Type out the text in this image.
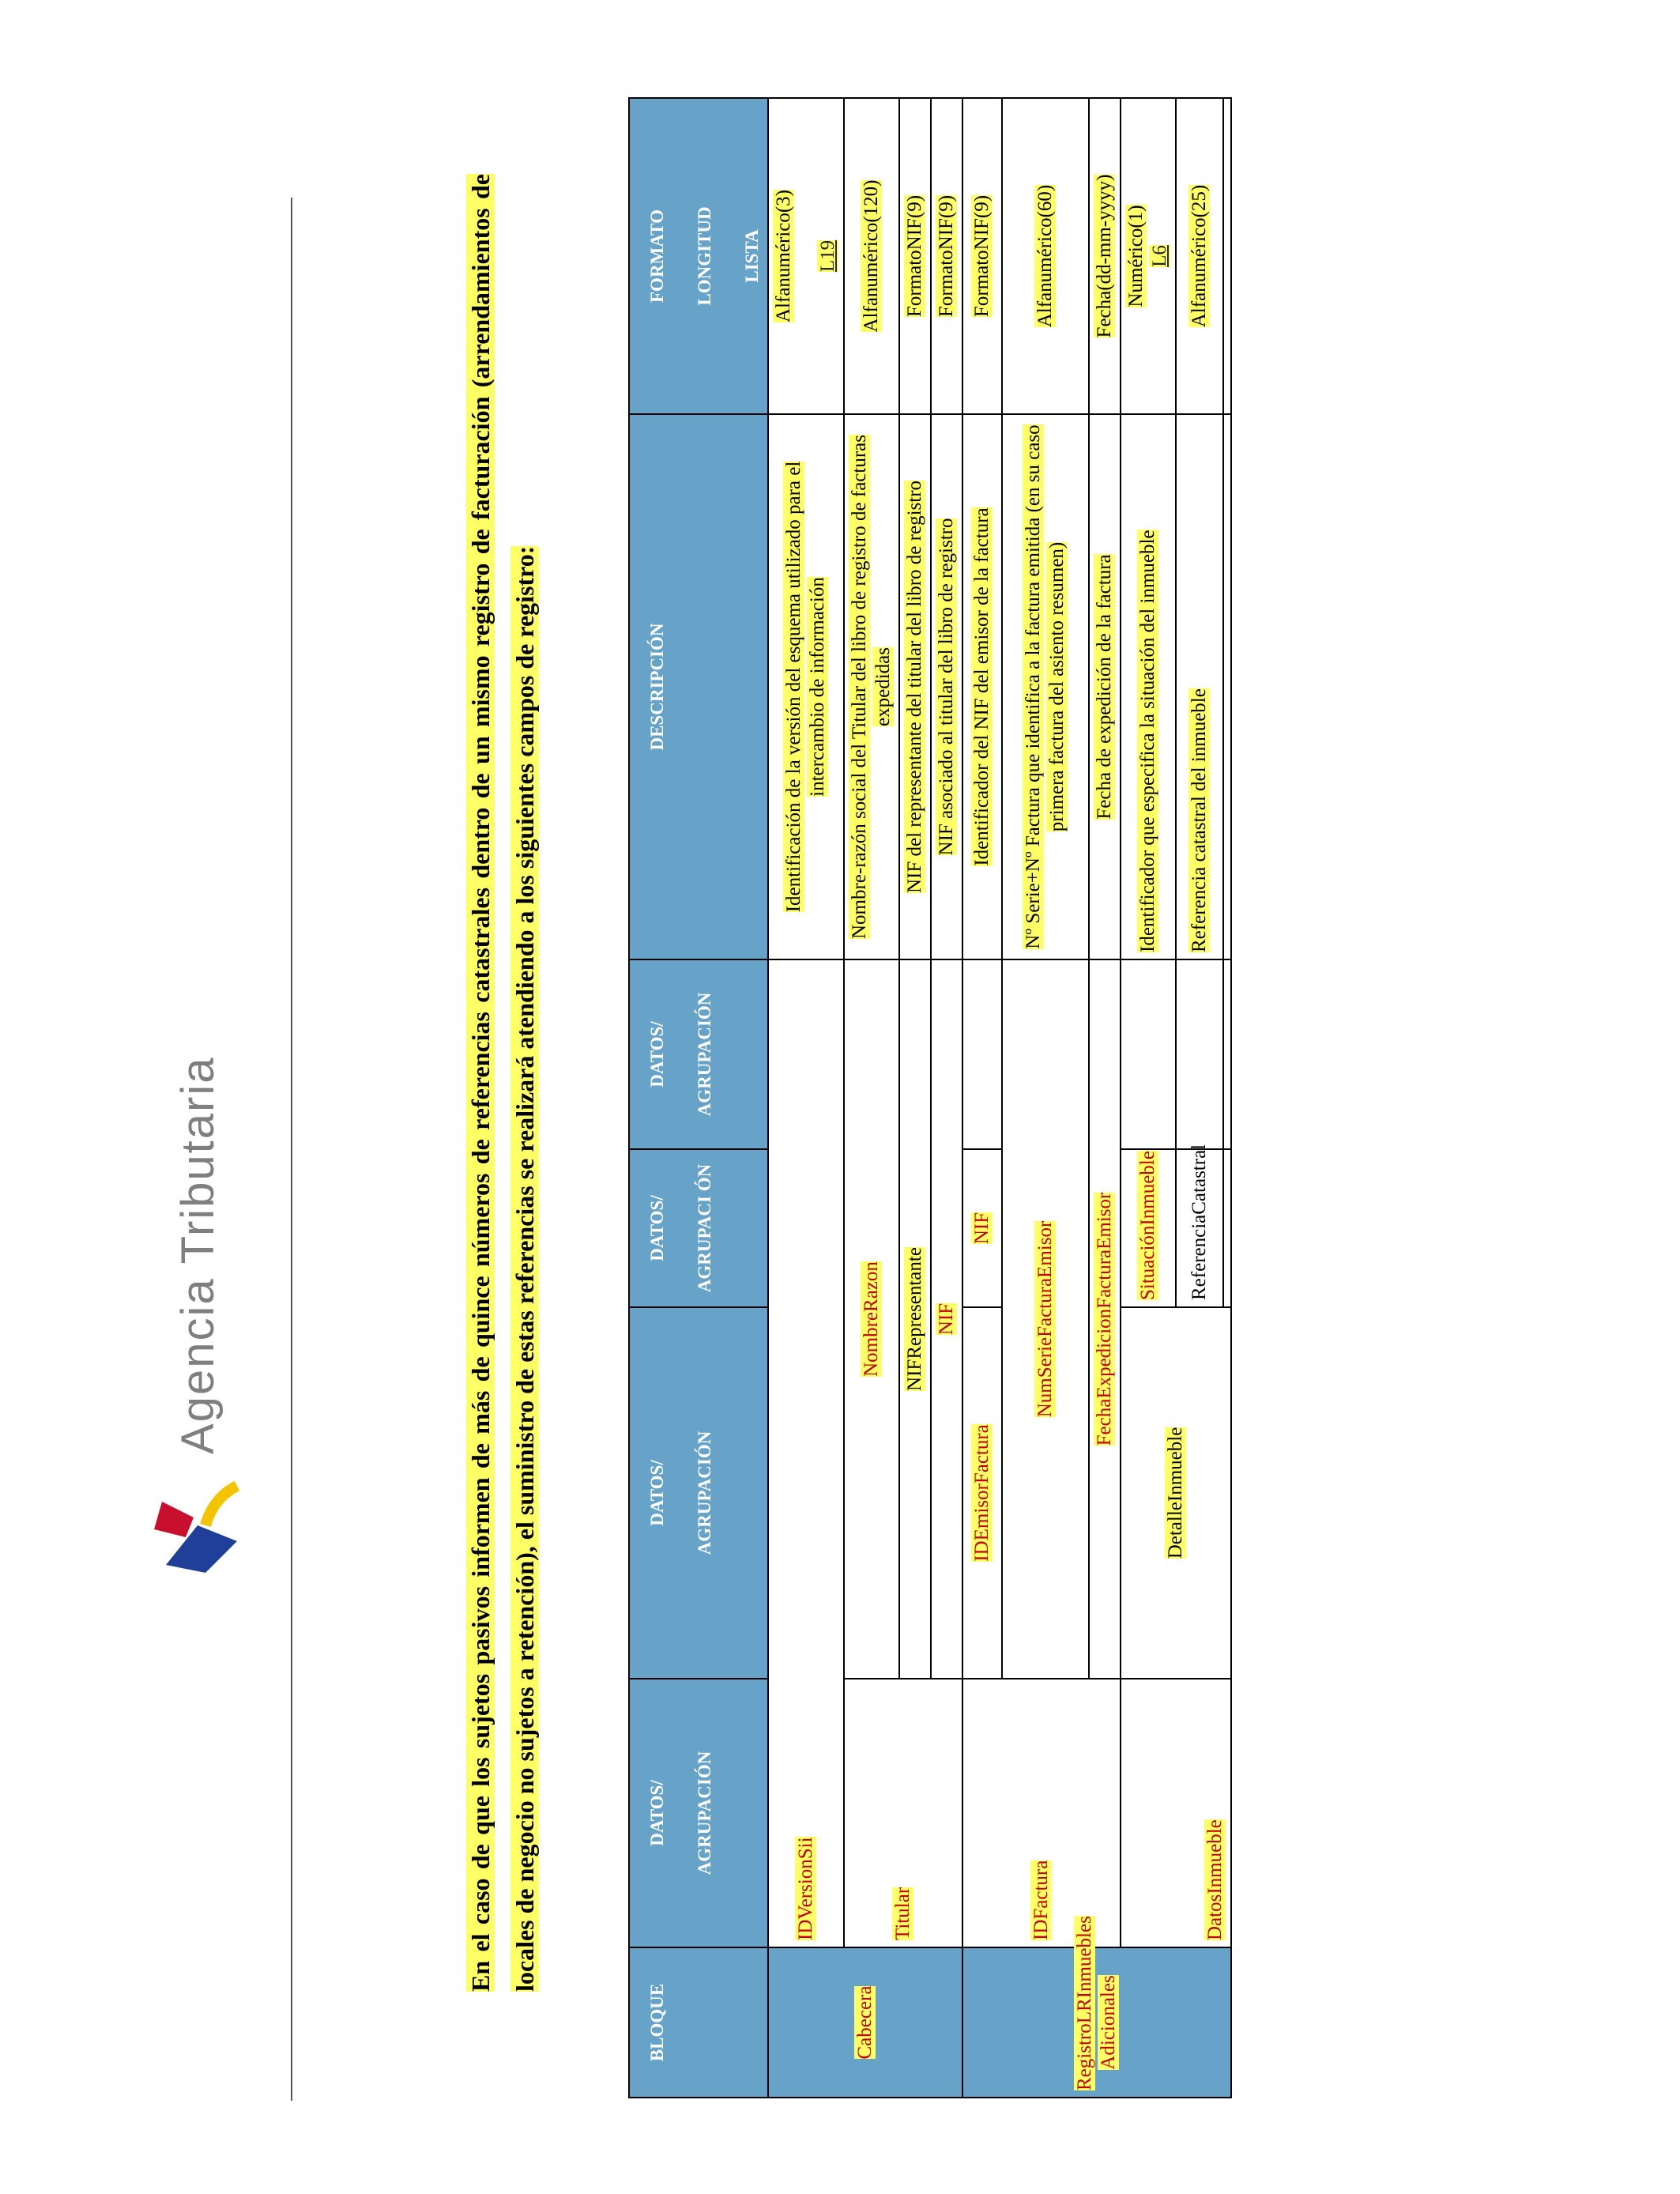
Agencia Tributaria	En el caso de que los sujetos pasivos informen de más de quince números de referencias catastrales dentro de un mismo registro de facturación (arrendamientos de locales de negocio no sujetos a retención), el suministro de estas referencias se realizará atendiendo a los siguientes campos de registro:
BLOQUE	DATOS/ AGRUPACIÓN	DATOS/ AGRUPACIÓN	DATOS/ AGRUPACI ÓN	DATOS/ AGRUPACIÓN	DESCRIPCIÓN	FORMATO LONGITUD LISTA
Cabecera	IDVersionSii				Identificación de la versión del esquema utilizado para el intercambio de información	Alfanumérico(3) L19

	Titular	NombreRazon			Nombre-razón social del Titular del libro de registro de facturas expedidas	Alfanumérico(120)
		NIFRepresentante			NIF del representante del titular del libro de registro	FormatoNIF(9)
		NIF			NIF asociado al titular del libro de registro	FormatoNIF(9)
RegistroLRInmuebles Adicionales	IDFactura	IDEmisorFactura	NIF		Identificador del NIF del emisor de la factura	FormatoNIF(9)
		NumSerieFacturaEmisor			Nº Serie+Nº Factura que identifica a la factura emitida (en su caso primera factura del asiento resumen)	Alfanumérico(60)
		FechaExpedicionFacturaEmisor			Fecha de expedición de la factura	Fecha(dd-mm-yyyy)
	DatosInmueble	DetalleInmueble	SituaciónInmueble		Identificador que especifica la situación del inmueble	Numérico(1) L6
			ReferenciaCatastral		Referencia catastral del inmueble	Alfanumérico(25)
